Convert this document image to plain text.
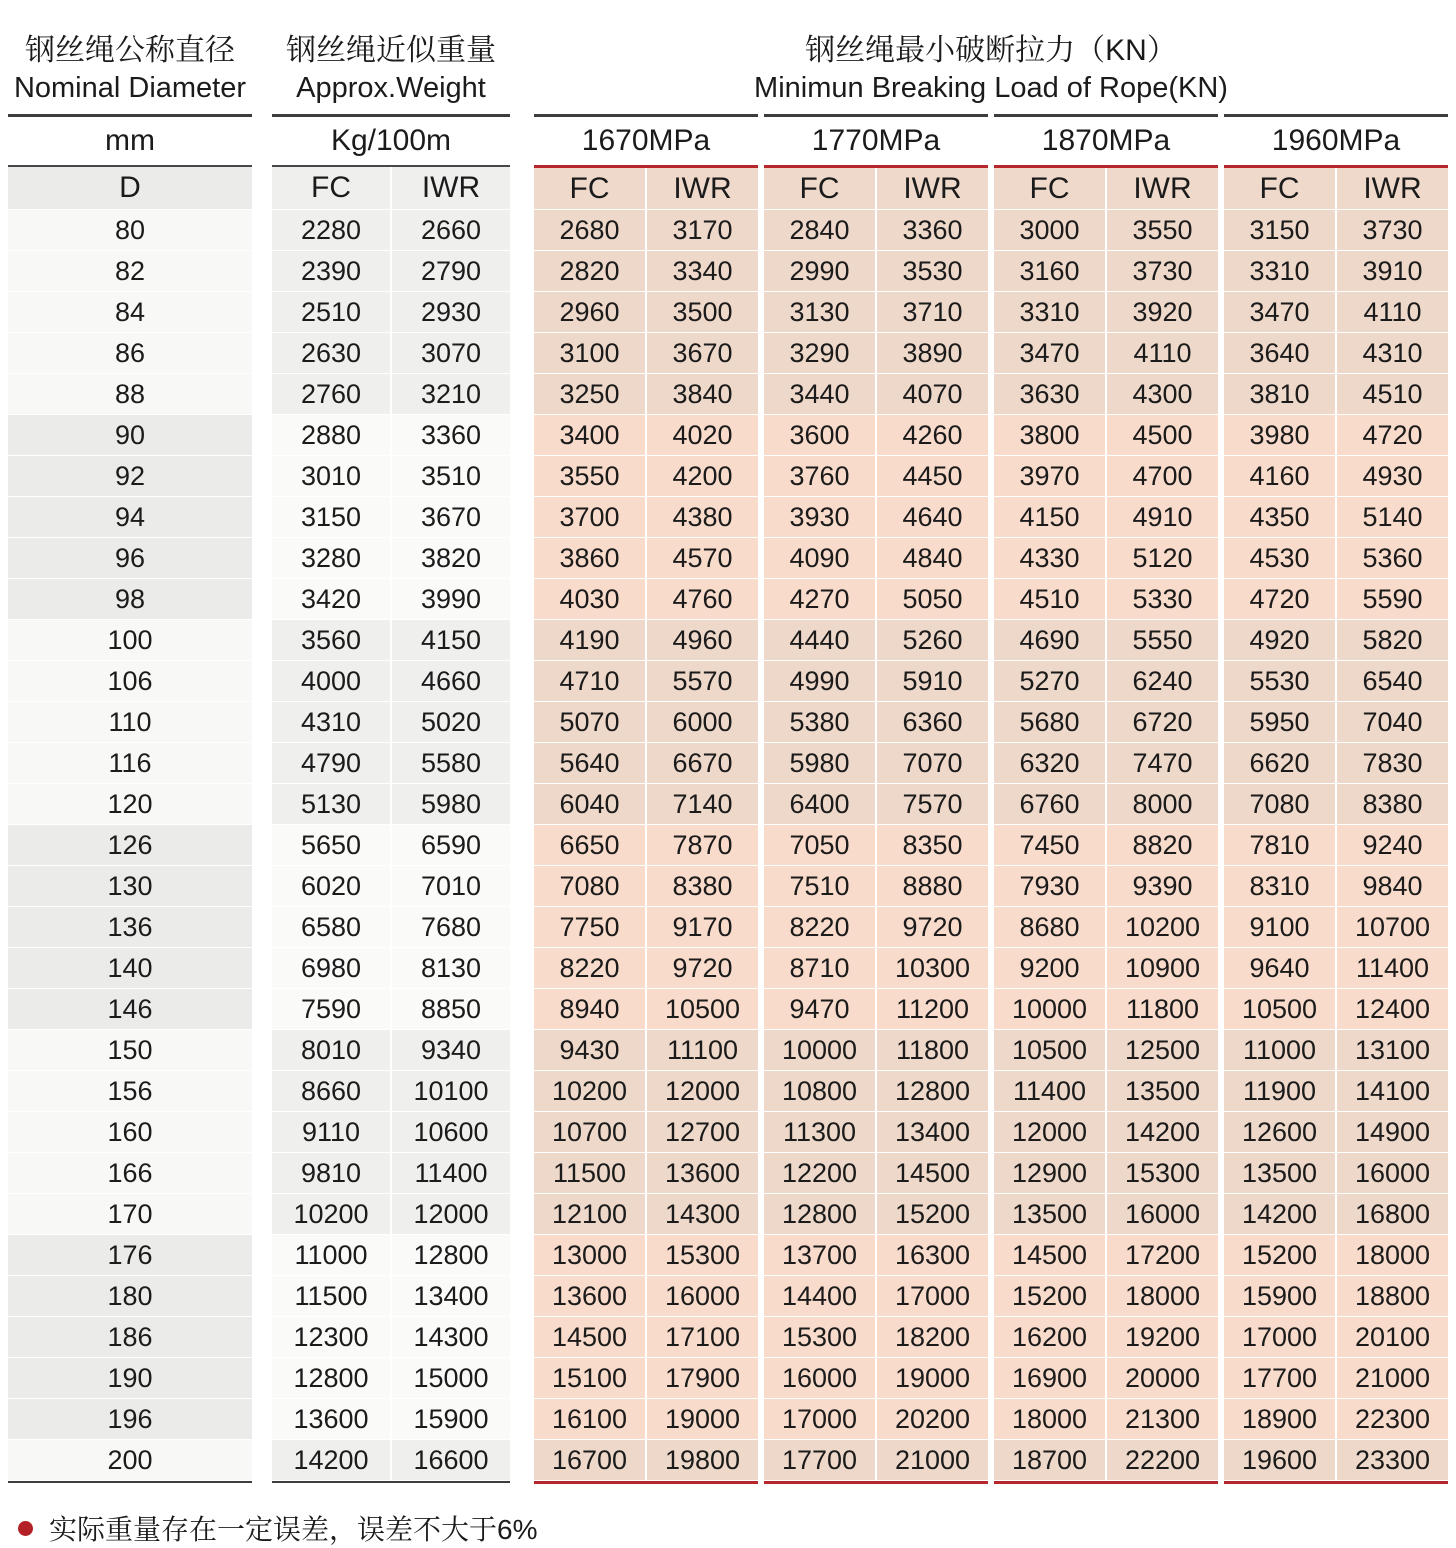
钢丝绳公称直径
Nominal Diameter
钢丝绳近似重量
Approx.Weight
钢丝绳最小破断拉力（KN）
Minimun Breaking Load of Rope(KN)
mm	Kg/100m	1670MPa	1770MPa	1870MPa	1960MPa
D	FC	IWR	FC	IWR	FC	IWR	FC	IWR	FC	IWR
80	2280	2660	2680	3170	2840	3360	3000	3550	3150	3730
82	2390	2790	2820	3340	2990	3530	3160	3730	3310	3910
84	2510	2930	2960	3500	3130	3710	3310	3920	3470	4110
86	2630	3070	3100	3670	3290	3890	3470	4110	3640	4310
88	2760	3210	3250	3840	3440	4070	3630	4300	3810	4510
90	2880	3360	3400	4020	3600	4260	3800	4500	3980	4720
92	3010	3510	3550	4200	3760	4450	3970	4700	4160	4930
94	3150	3670	3700	4380	3930	4640	4150	4910	4350	5140
96	3280	3820	3860	4570	4090	4840	4330	5120	4530	5360
98	3420	3990	4030	4760	4270	5050	4510	5330	4720	5590
100	3560	4150	4190	4960	4440	5260	4690	5550	4920	5820
106	4000	4660	4710	5570	4990	5910	5270	6240	5530	6540
110	4310	5020	5070	6000	5380	6360	5680	6720	5950	7040
116	4790	5580	5640	6670	5980	7070	6320	7470	6620	7830
120	5130	5980	6040	7140	6400	7570	6760	8000	7080	8380
126	5650	6590	6650	7870	7050	8350	7450	8820	7810	9240
130	6020	7010	7080	8380	7510	8880	7930	9390	8310	9840
136	6580	7680	7750	9170	8220	9720	8680	10200	9100	10700
140	6980	8130	8220	9720	8710	10300	9200	10900	9640	11400
146	7590	8850	8940	10500	9470	11200	10000	11800	10500	12400
150	8010	9340	9430	11100	10000	11800	10500	12500	11000	13100
156	8660	10100	10200	12000	10800	12800	11400	13500	11900	14100
160	9110	10600	10700	12700	11300	13400	12000	14200	12600	14900
166	9810	11400	11500	13600	12200	14500	12900	15300	13500	16000
170	10200	12000	12100	14300	12800	15200	13500	16000	14200	16800
176	11000	12800	13000	15300	13700	16300	14500	17200	15200	18000
180	11500	13400	13600	16000	14400	17000	15200	18000	15900	18800
186	12300	14300	14500	17100	15300	18200	16200	19200	17000	20100
190	12800	15000	15100	17900	16000	19000	16900	20000	17700	21000
196	13600	15900	16100	19000	17000	20200	18000	21300	18900	22300
200	14200	16600	16700	19800	17700	21000	18700	22200	19600	23300
实际重量存在一定误差，误差不大于6%
